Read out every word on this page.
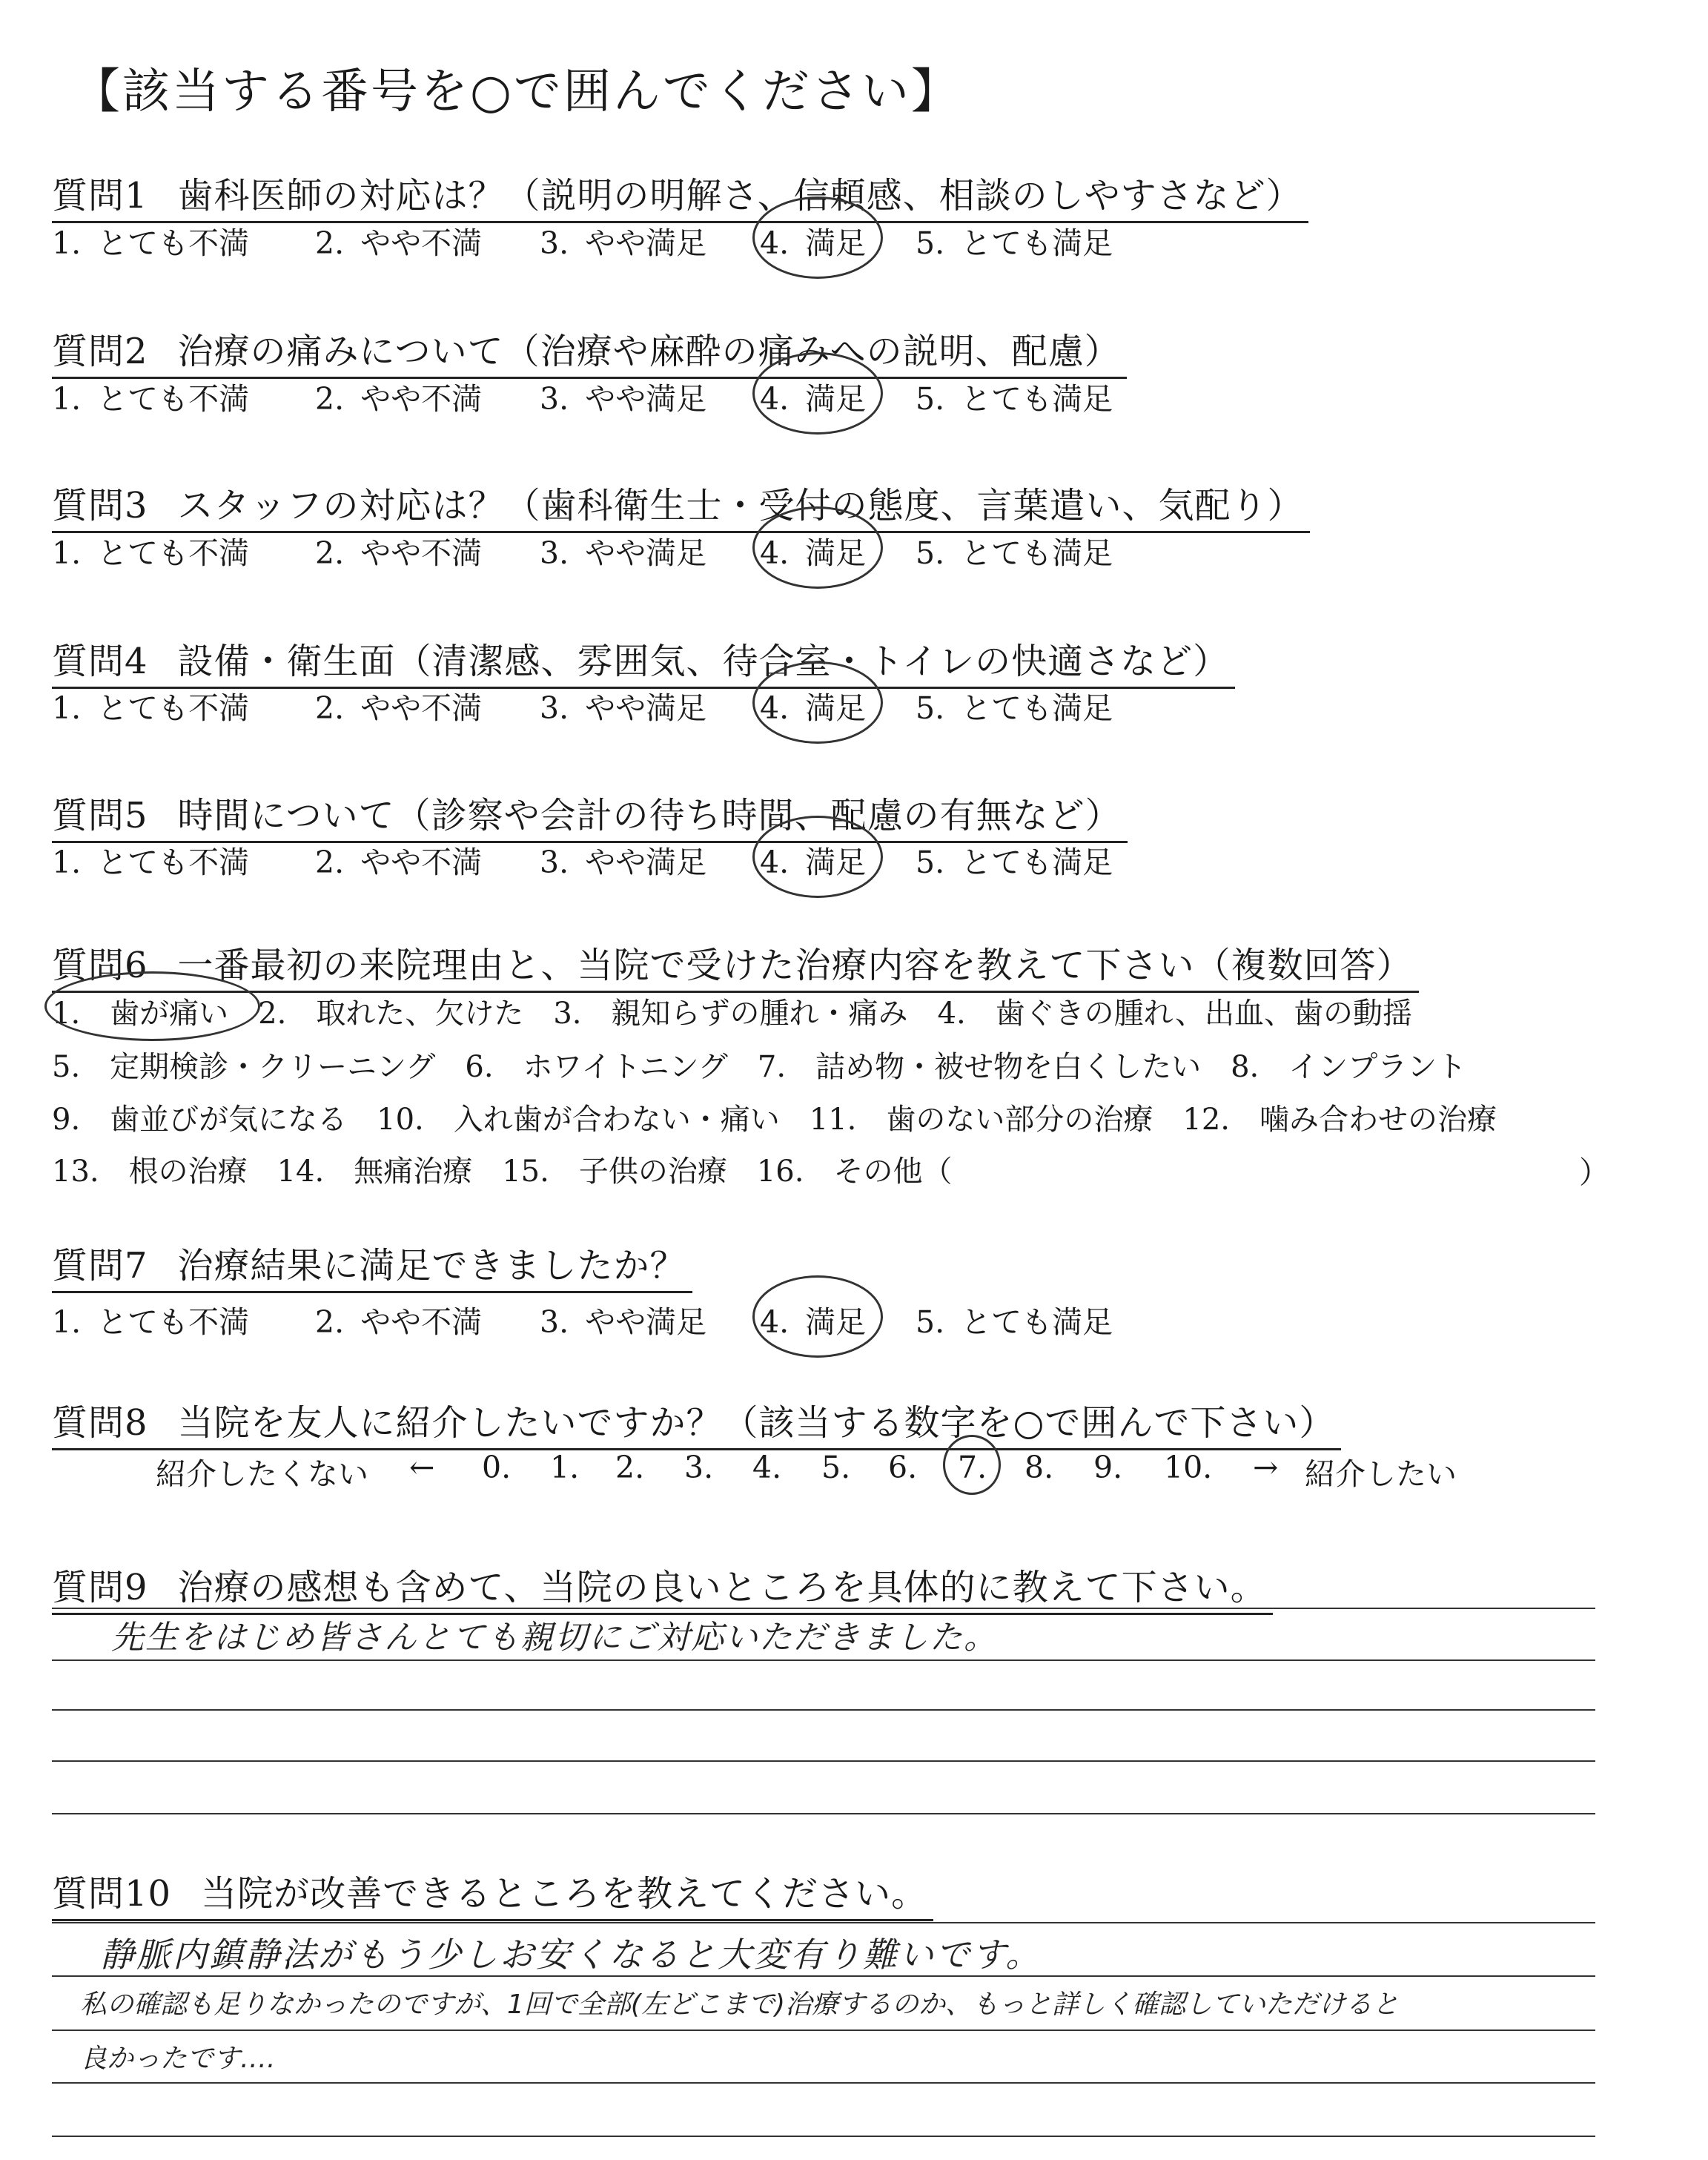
【該当する番号を○で囲んでください】
質問1 歯科医師の対応は？（説明の明解さ、信頼感、相談のしやすさなど）
1. とても不満 2. やや不満 3. やや満足 4. 満足 5. とても満足
質問2 治療の痛みについて（治療や麻酔の痛みへの説明、配慮）
1. とても不満 2. やや不満 3. やや満足 4. 満足 5. とても満足
質問3 スタッフの対応は？（歯科衛生士・受付の態度、言葉遣い、気配り）
1. とても不満 2. やや不満 3. やや満足 4. 満足 5. とても満足
質問4 設備・衛生面（清潔感、雰囲気、待合室・トイレの快適さなど）
1. とても不満 2. やや不満 3. やや満足 4. 満足 5. とても満足
質問5 時間について（診察や会計の待ち時間、配慮の有無など）
1. とても不満 2. やや不満 3. やや満足 4. 満足 5. とても満足
質問6 一番最初の来院理由と、当院で受けた治療内容を教えて下さい（複数回答）
質問7 治療結果に満足できましたか？
1. とても不満 2. やや不満 3. やや満足 4. 満足 5. とても満足
質問8 当院を友人に紹介したいですか？（該当する数字を○で囲んで下さい）
質問9 治療の感想も含めて、当院の良いところを具体的に教えて下さい。
質問10 当院が改善できるところを教えてください。
1.　歯が痛い　2.　取れた、欠けた　3.　親知らずの腫れ・痛み　4.　歯ぐきの腫れ、出血、歯の動揺
5.　定期検診・クリーニング　6.　ホワイトニング　7.　詰め物・被せ物を白くしたい　8.　インプラント
9.　歯並びが気になる　10.　入れ歯が合わない・痛い　11.　歯のない部分の治療　12.　噛み合わせの治療
13.　根の治療　14.　無痛治療　15.　子供の治療　16.　その他（	）
紹介したくない ← 0. 1. 2. 3. 4. 5. 6. 7. 8. 9. 10. → 紹介したい
先生をはじめ皆さんとても親切にご対応いただきました。
静脈内鎮静法がもう少しお安くなると大変有り難いです。
私の確認も足りなかったのですが、1回で全部(左どこまで)治療するのか、もっと詳しく確認していただけると
良かったです….
